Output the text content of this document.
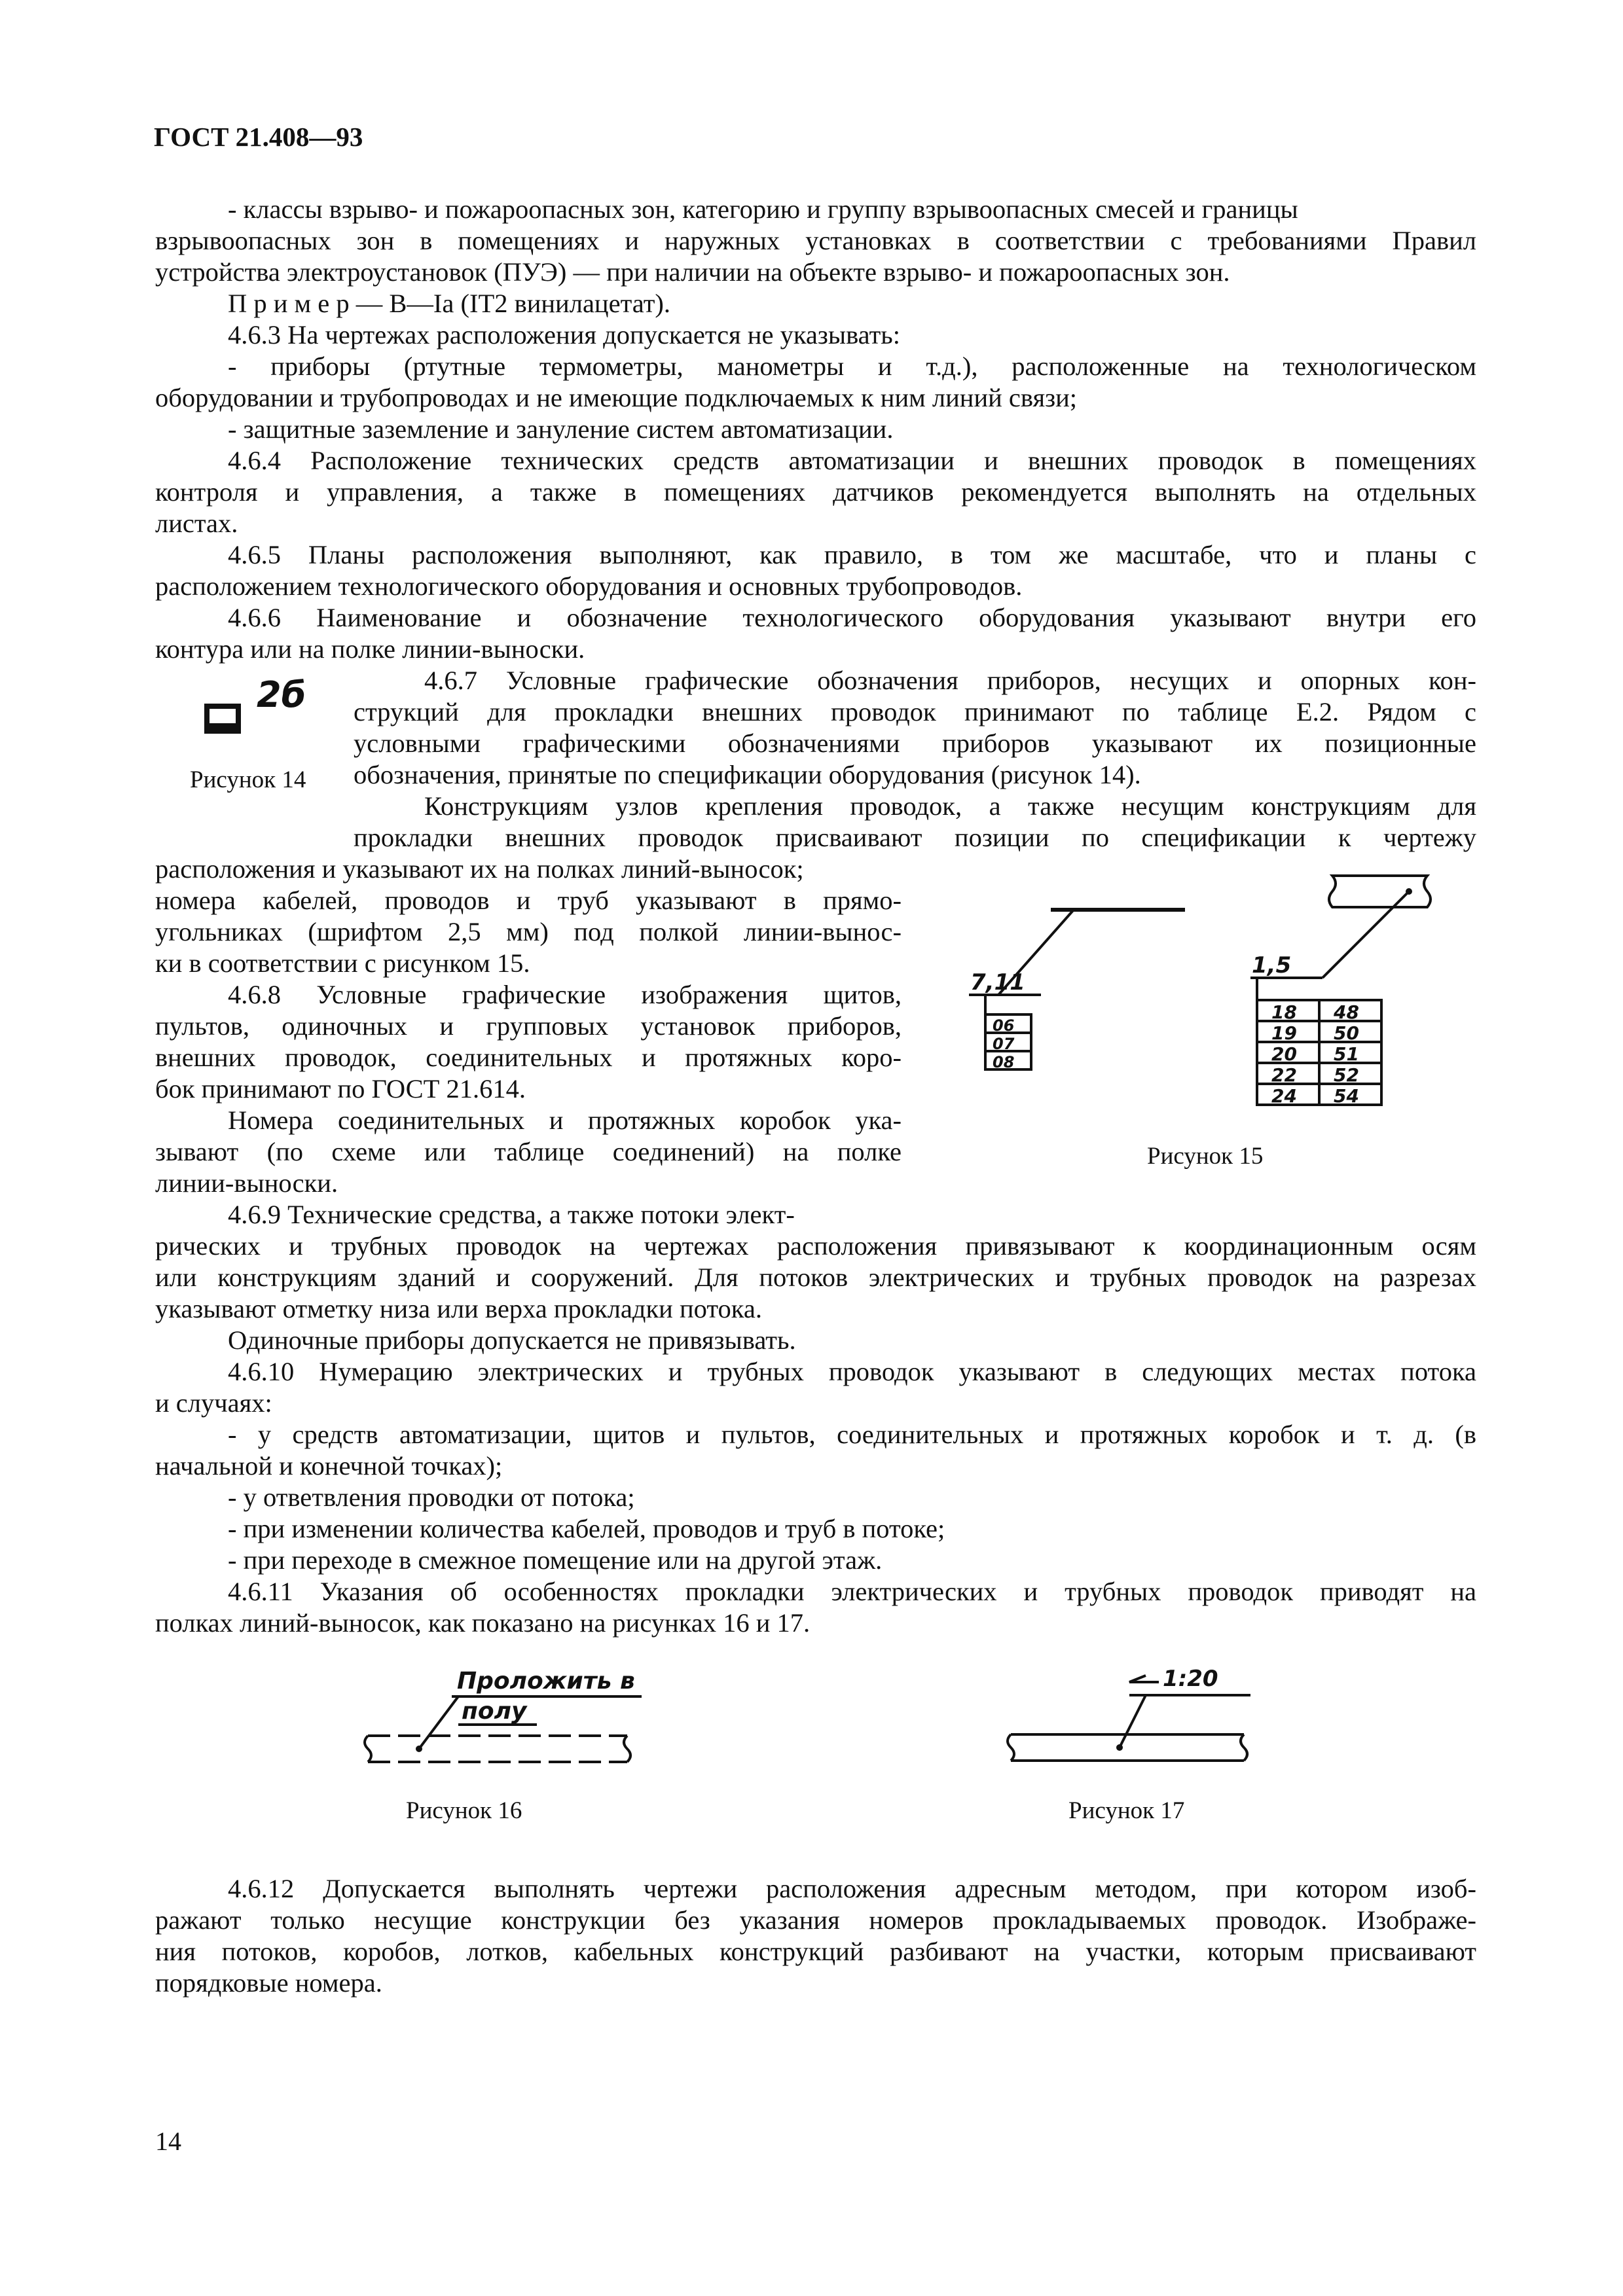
ГОСТ 21.408—93
- классы взрыво- и пожароопасных зон, категорию и группу взрывоопасных смесей и границы
взрывоопасных зон в помещениях и наружных установках в соответствии с требованиями Правил
устройства электроустановок (ПУЭ) — при наличии на объекте взрыво- и пожароопасных зон.
П р и м е р — В—Iа (IТ2 винилацетат).
4.6.3 На чертежах расположения допускается не указывать:
- приборы (ртутные термометры, манометры и т.д.), расположенные на технологическом
оборудовании и трубопроводах и не имеющие подключаемых к ним линий связи;
- защитные заземление и зануление систем автоматизации.
4.6.4 Расположение технических средств автоматизации и внешних проводок в помещениях
контроля и управления, а также в помещениях датчиков рекомендуется выполнять на отдельных
листах.
4.6.5 Планы расположения выполняют, как правило, в том же масштабе, что и планы с
расположением технологического оборудования и основных трубопроводов.
4.6.6 Наименование и обозначение технологического оборудования указывают внутри его
контура или на полке линии-выноски.
2б
Рисунок 14
4.6.7 Условные графические обозначения приборов, несущих и опорных кон-
струкций для прокладки внешних проводок принимают по таблице Е.2. Рядом с
условными графическими обозначениями приборов указывают их позиционные
обозначения, принятые по спецификации оборудования (рисунок 14).
Конструкциям узлов крепления проводок, а также несущим конструкциям для
прокладки внешних проводок присваивают позиции по спецификации к чертежу
расположения и указывают их на полках линий-выносок;
номера кабелей, проводов и труб указывают в прямо-
угольниках (шрифтом 2,5 мм) под полкой линии-вынос-
ки в соответствии с рисунком 15.
4.6.8 Условные графические изображения щитов,
пультов, одиночных и групповых установок приборов,
внешних проводок, соединительных и протяжных коро-
бок принимают по ГОСТ 21.614.
Номера соединительных и протяжных коробок ука-
зывают (по схеме или таблице соединений) на полке
линии-выноски.
4.6.9 Технические средства, а также потоки элект-
7,11
06
07
08
1,5
18 48
19 50
20 51
22 52
24 54
Рисунок 15
рических и трубных проводок на чертежах расположения привязывают к координационным осям
или конструкциям зданий и сооружений. Для потоков электрических и трубных проводок на разрезах
указывают отметку низа или верха прокладки потока.
Одиночные приборы допускается не привязывать.
4.6.10 Нумерацию электрических и трубных проводок указывают в следующих местах потока
и случаях:
- у средств автоматизации, щитов и пультов, соединительных и протяжных коробок и т. д. (в
начальной и конечной точках);
- у ответвления проводки от потока;
- при изменении количества кабелей, проводов и труб в потоке;
- при переходе в смежное помещение или на другой этаж.
4.6.11 Указания об особенностях прокладки электрических и трубных проводок приводят на
полках линий-выносок, как показано на рисунках 16 и 17.
Проложить в
полу
Рисунок 16
1:20
Рисунок 17
4.6.12 Допускается выполнять чертежи расположения адресным методом, при котором изоб-
ражают только несущие конструкции без указания номеров прокладываемых проводок. Изображе-
ния потоков, коробов, лотков, кабельных конструкций разбивают на участки, которым присваивают
порядковые номера.
14
